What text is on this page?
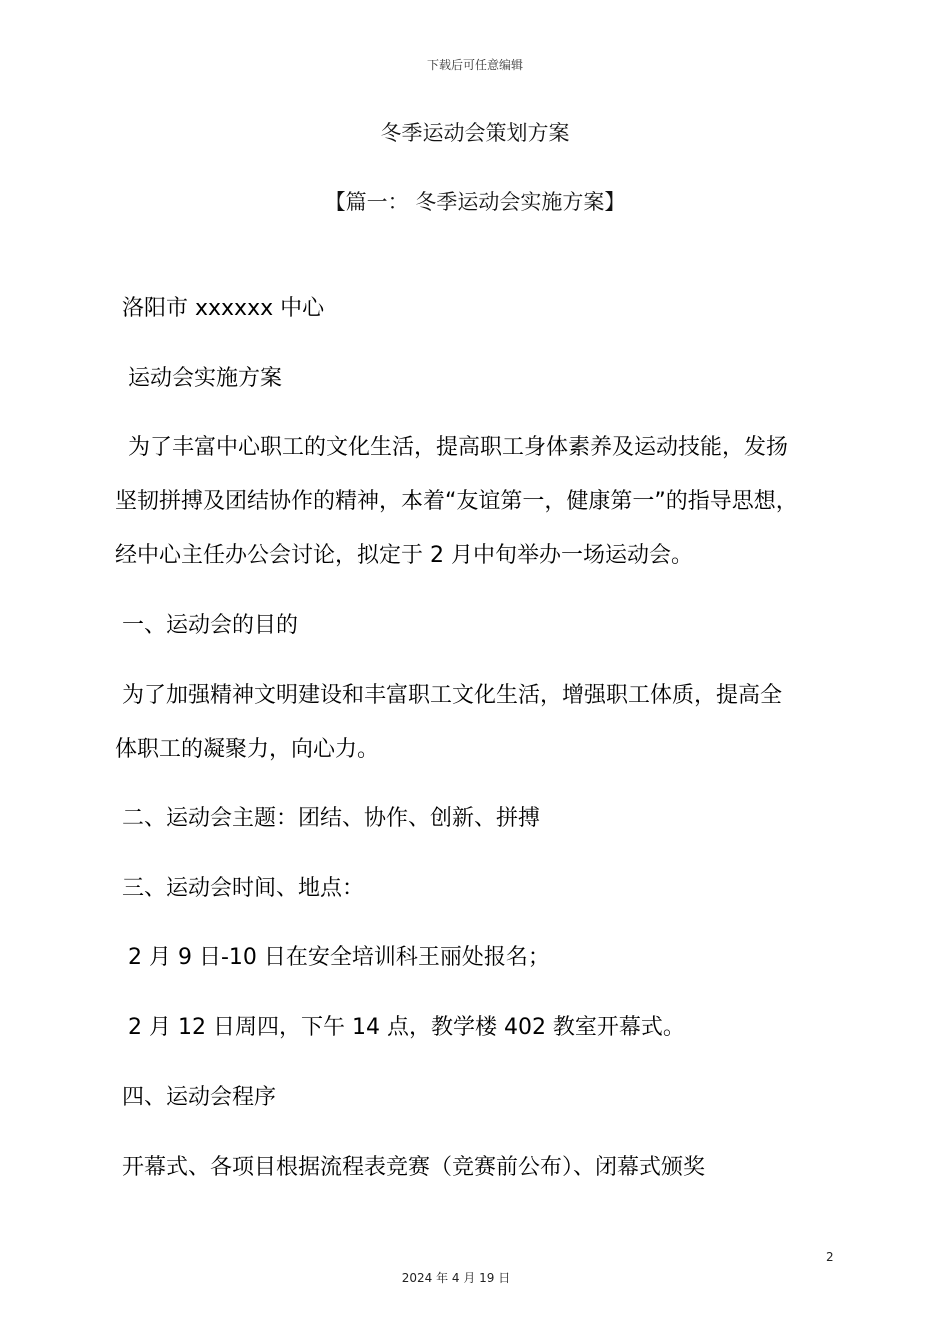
下载后可任意编辑
冬季运动会策划方案
【篇一： 冬季运动会实施方案】
洛阳市 xxxxxx 中心
运动会实施方案
为了丰富中心职工的文化生活，提高职工身体素养及运动技能，发扬
坚韧拼搏及团结协作的精神，本着“友谊第一，健康第一”的指导思想，
经中心主任办公会讨论，拟定于 2 月中旬举办一场运动会。
一、运动会的目的
为了加强精神文明建设和丰富职工文化生活，增强职工体质，提高全
体职工的凝聚力，向心力。
二、运动会主题：团结、协作、创新、拼搏
三、运动会时间、地点：
2 月 9 日-10 日在安全培训科王丽处报名；
2 月 12 日周四，下午 14 点，教学楼 402 教室开幕式。
四、运动会程序
开幕式、各项目根据流程表竞赛（竞赛前公布）、闭幕式颁奖
2
2024 年 4 月 19 日
